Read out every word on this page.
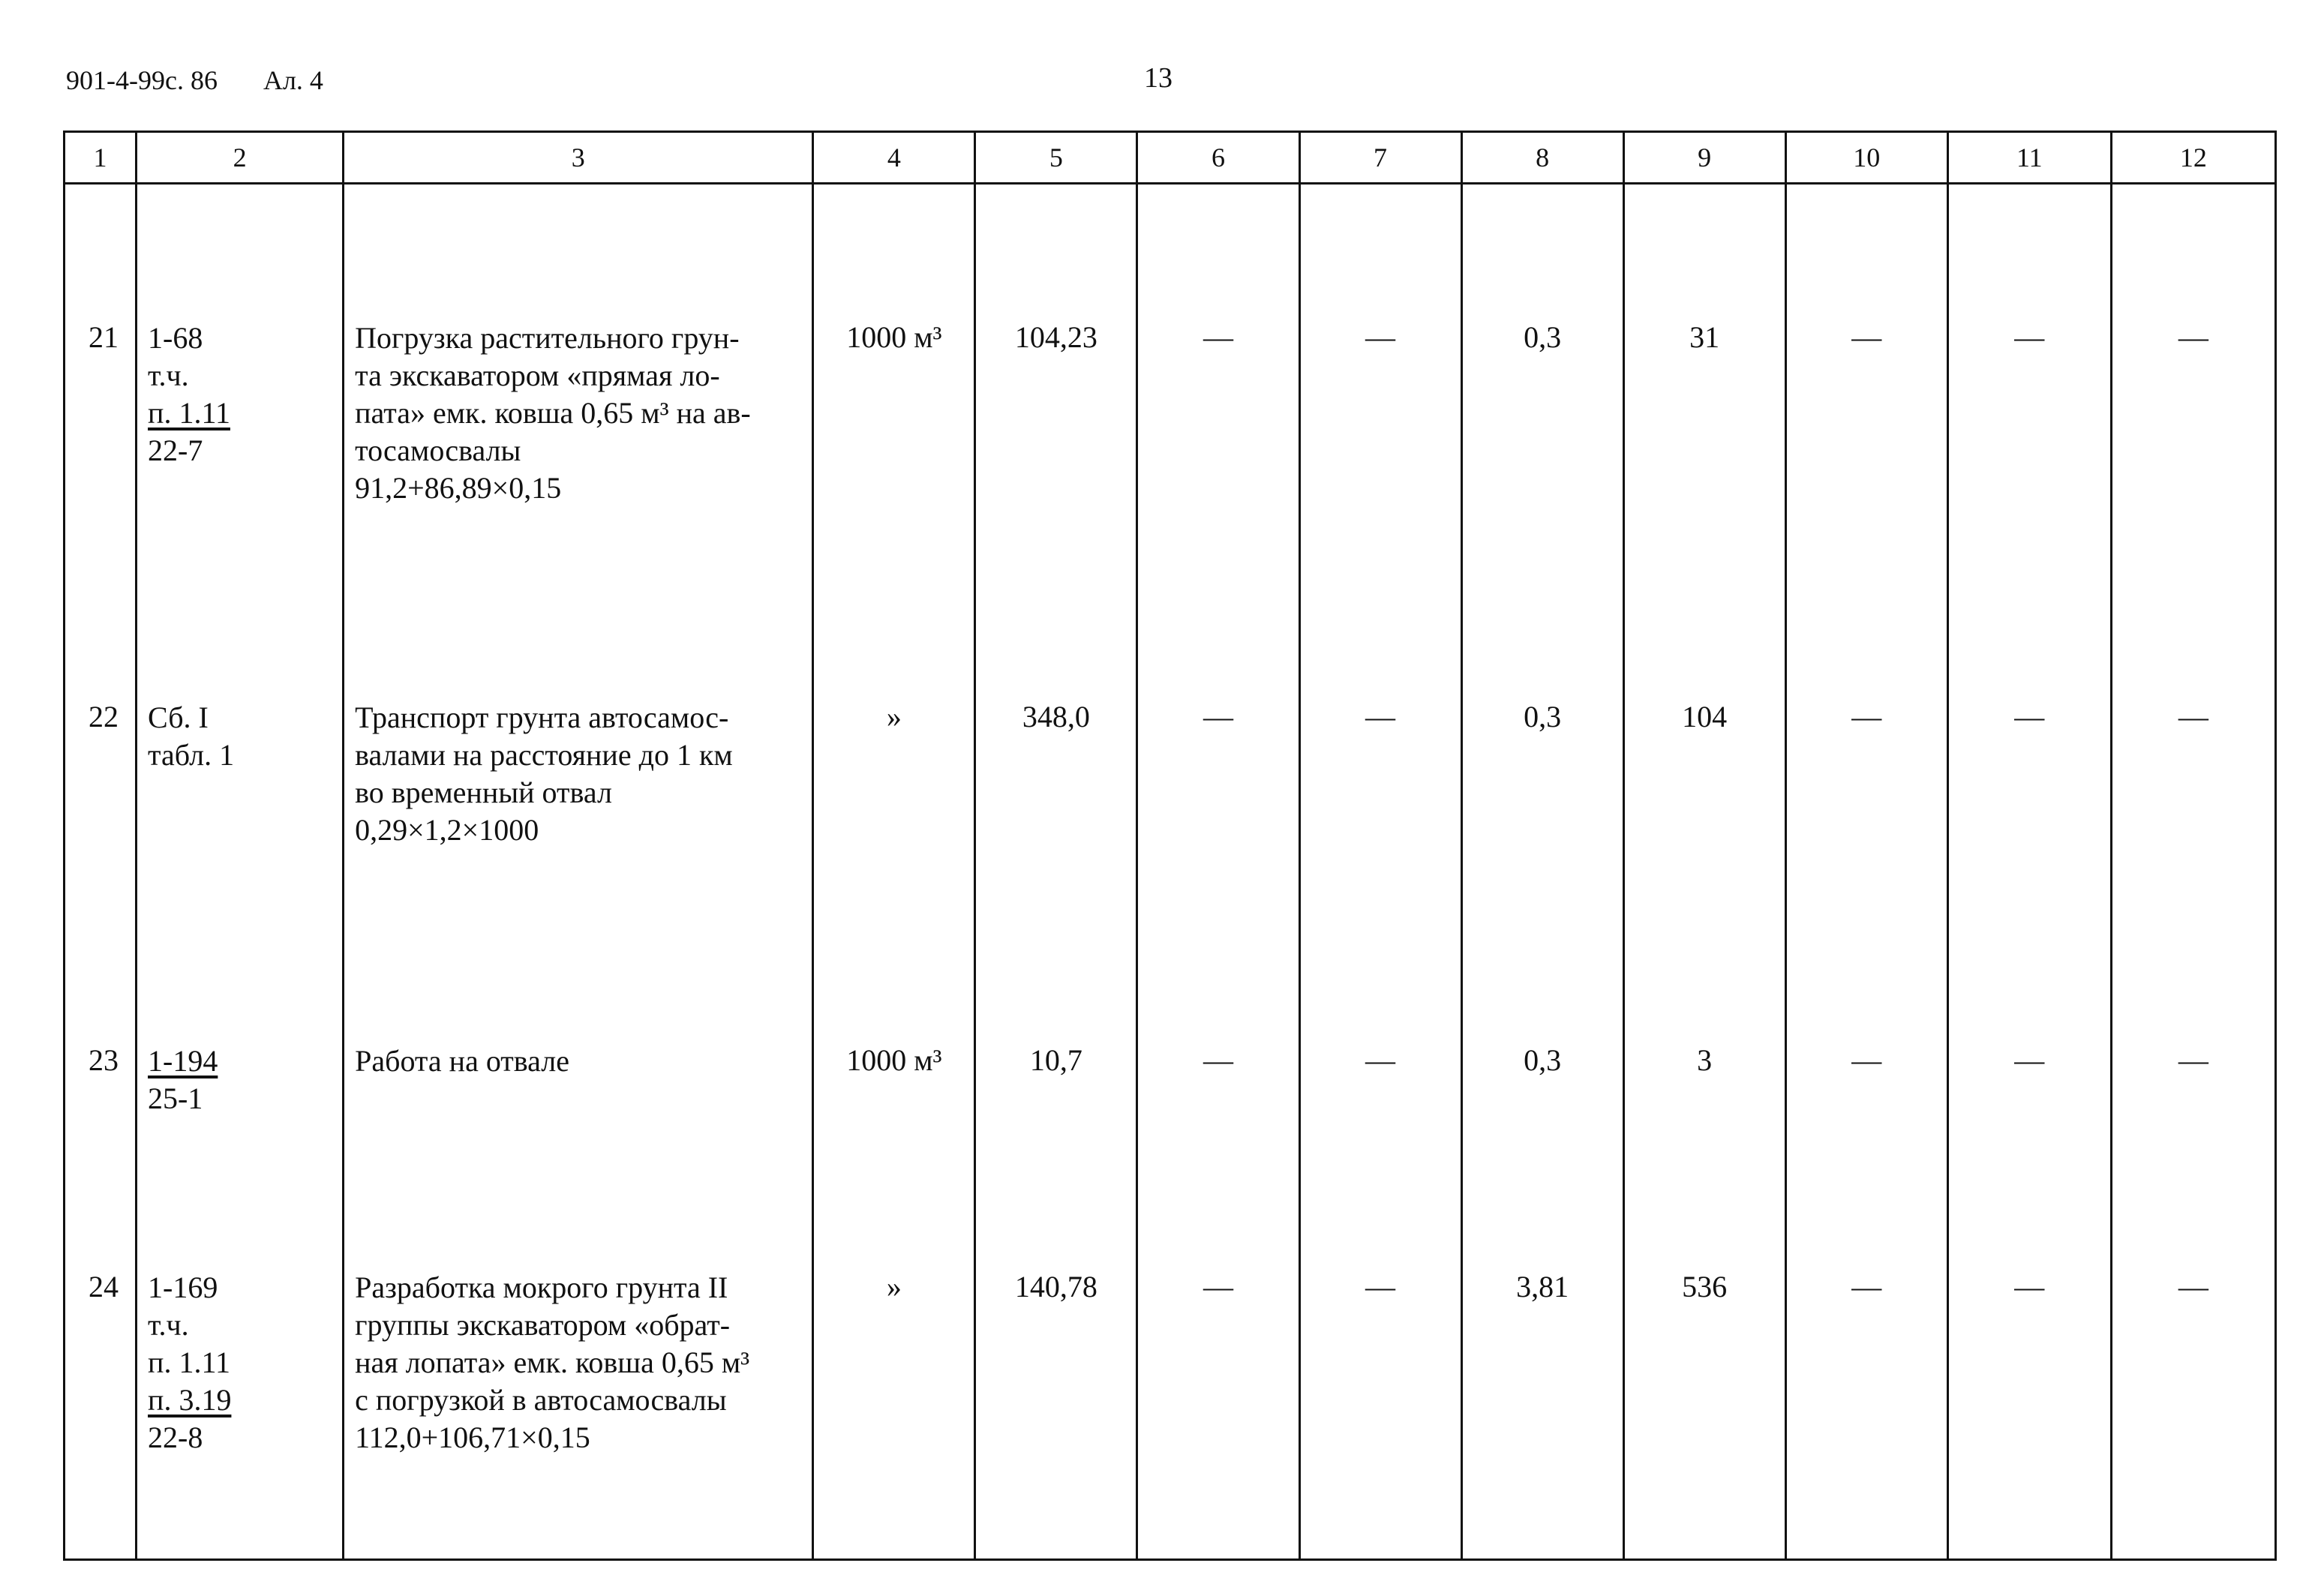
901-4-99с. 86 Ал. 4	13
1	2	3	4	5	6	7	8	9	10	11	12
21	1-68
т.ч.
п. 1.11
22-7	Погрузка растительного грун-
та экскаватором «прямая ло-
пата» емк. ковша 0,65 м³ на ав-
тосамосвалы
91,2+86,89×0,15	1000 м³	104,23	—	—	0,3	31	—	—	—
22	Сб. I
табл. 1	Транспорт грунта автосамос-
валами на расстояние до 1 км
во временный отвал
0,29×1,2×1000	»	348,0	—	—	0,3	104	—	—	—
23	1-194
25-1	Работа на отвале	1000 м³	10,7	—	—	0,3	3	—	—	—
24	1-169
т.ч.
п. 1.11
п. 3.19
22-8	Разработка мокрого грунта II
группы экскаватором «обрат-
ная лопата» емк. ковша 0,65 м³
с погрузкой в автосамосвалы
112,0+106,71×0,15	»	140,78	—	—	3,81	536	—	—	—
